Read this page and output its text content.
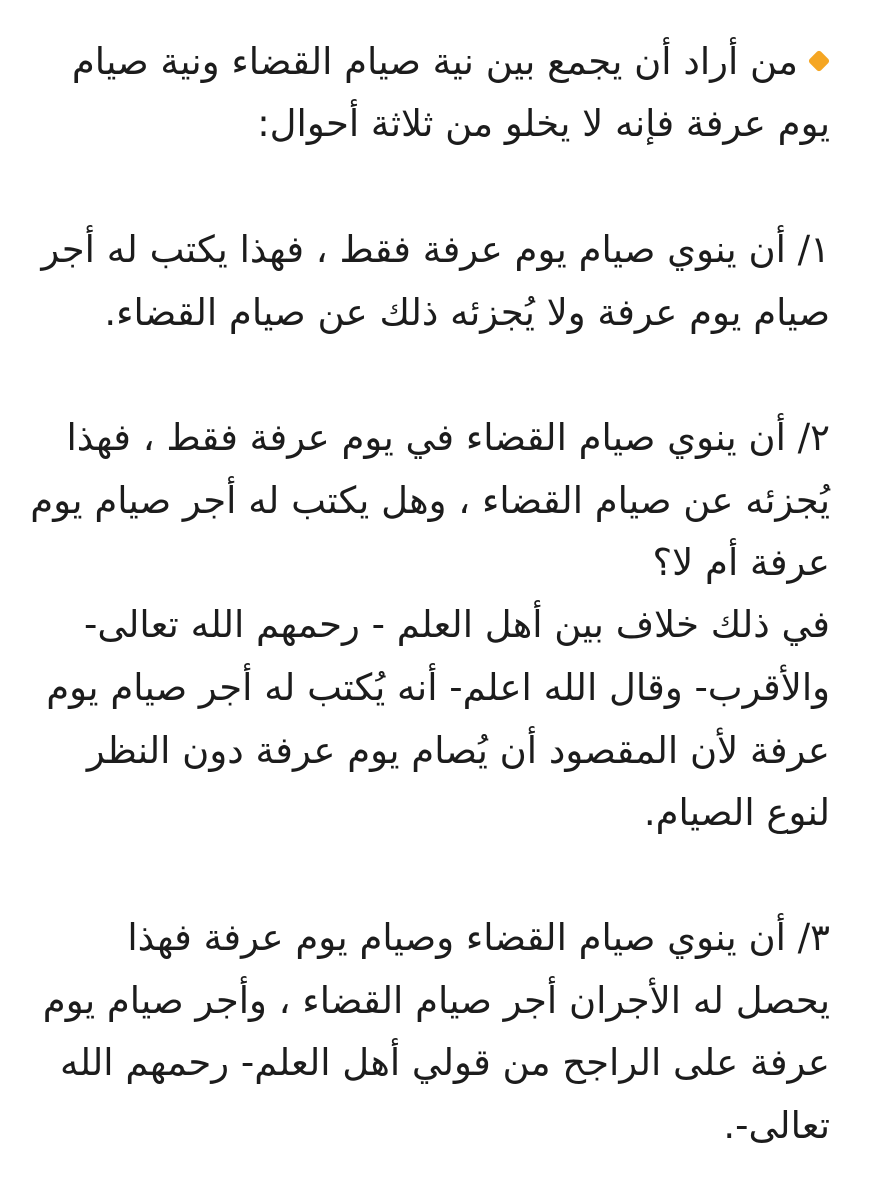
من أراد أن يجمع بين نية صيام القضاء ونية صيام
يوم عرفة فإنه لا يخلو من ثلاثة أحوال:
١/ أن ينوي صيام يوم عرفة فقط ، فهذا يكتب له أجر
صيام يوم عرفة ولا يُجزئه ذلك عن صيام القضاء.
٢/ أن ينوي صيام القضاء في يوم عرفة فقط ، فهذا
يُجزئه عن صيام القضاء ، وهل يكتب له أجر صيام يوم
عرفة أم لا؟
في ذلك خلاف بين أهل العلم - رحمهم الله تعالى-
والأقرب- وقال الله اعلم- أنه يُكتب له أجر صيام يوم
عرفة لأن المقصود أن يُصام يوم عرفة دون النظر
لنوع الصيام.
٣/ أن ينوي صيام القضاء وصيام يوم عرفة فهذا
يحصل له الأجران أجر صيام القضاء ، وأجر صيام يوم
عرفة على الراجح من قولي أهل العلم- رحمهم الله
تعالى-.
